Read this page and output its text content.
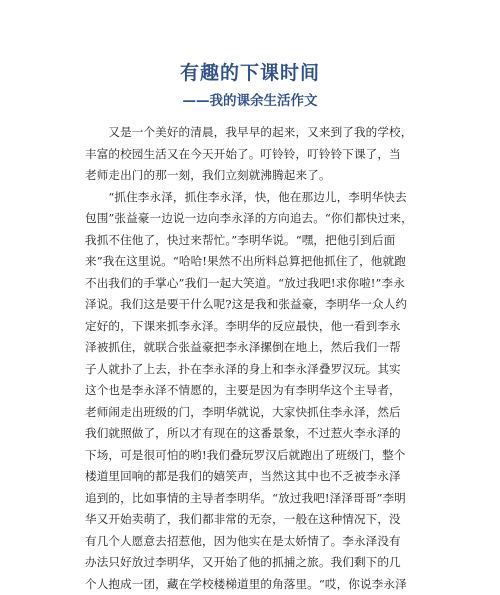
有趣的下课时间
——我的课余生活作文
　　又是一个美好的清晨，我早早的起来，又来到了我的学校，
丰富的校园生活又在今天开始了。叮铃铃，叮铃铃下课了，当
老师走出门的那一刻，我们立刻就沸腾起来了。
　　“抓住李永泽，抓住李永泽，快，他在那边儿，李明华快去
包围”张益豪一边说一边向李永泽的方向追去。“你们都快过来，
我抓不住他了，快过来帮忙。”李明华说。“嘿，把他引到后面
来”我在这里说。“哈哈!果然不出所料总算把他抓住了，他就跑
不出我们的手掌心”我们一起大笑道。“放过我吧!求你啦!”李永
泽说。我们这是要干什么呢?这是我和张益豪，李明华一众人约
定好的，下课来抓李永泽。李明华的反应最快，他一看到李永
泽被抓住，就联合张益豪把李永泽摞倒在地上，然后我们一帮
子人就扑了上去，扑在李永泽的身上和李永泽叠罗汉玩。其实
这个也是李永泽不情愿的，主要是因为有李明华这个主导者，
老师闹走出班级的门，李明华就说，大家快抓住李永泽，然后
我们就照做了，所以才有现在的这番景象，不过惹火李永泽的
下场，可是很可怕的哟!我们叠玩罗汉后就跑出了班级门，整个
楼道里回响的都是我们的嬉笑声，当然这其中也不乏被李永泽
追到的，比如事情的主导者李明华。“放过我吧!泽泽哥哥”李明
华又开始卖萌了，我们都非常的无奈，一般在这种情况下，没
有几个人愿意去招惹他，因为他实在是太娇情了。李永泽没有
办法只好放过李明华，又开始了他的抓捕之旅。我们剩下的几
个人抱成一团，藏在学校楼梯道里的角落里。“哎，你说李永泽
